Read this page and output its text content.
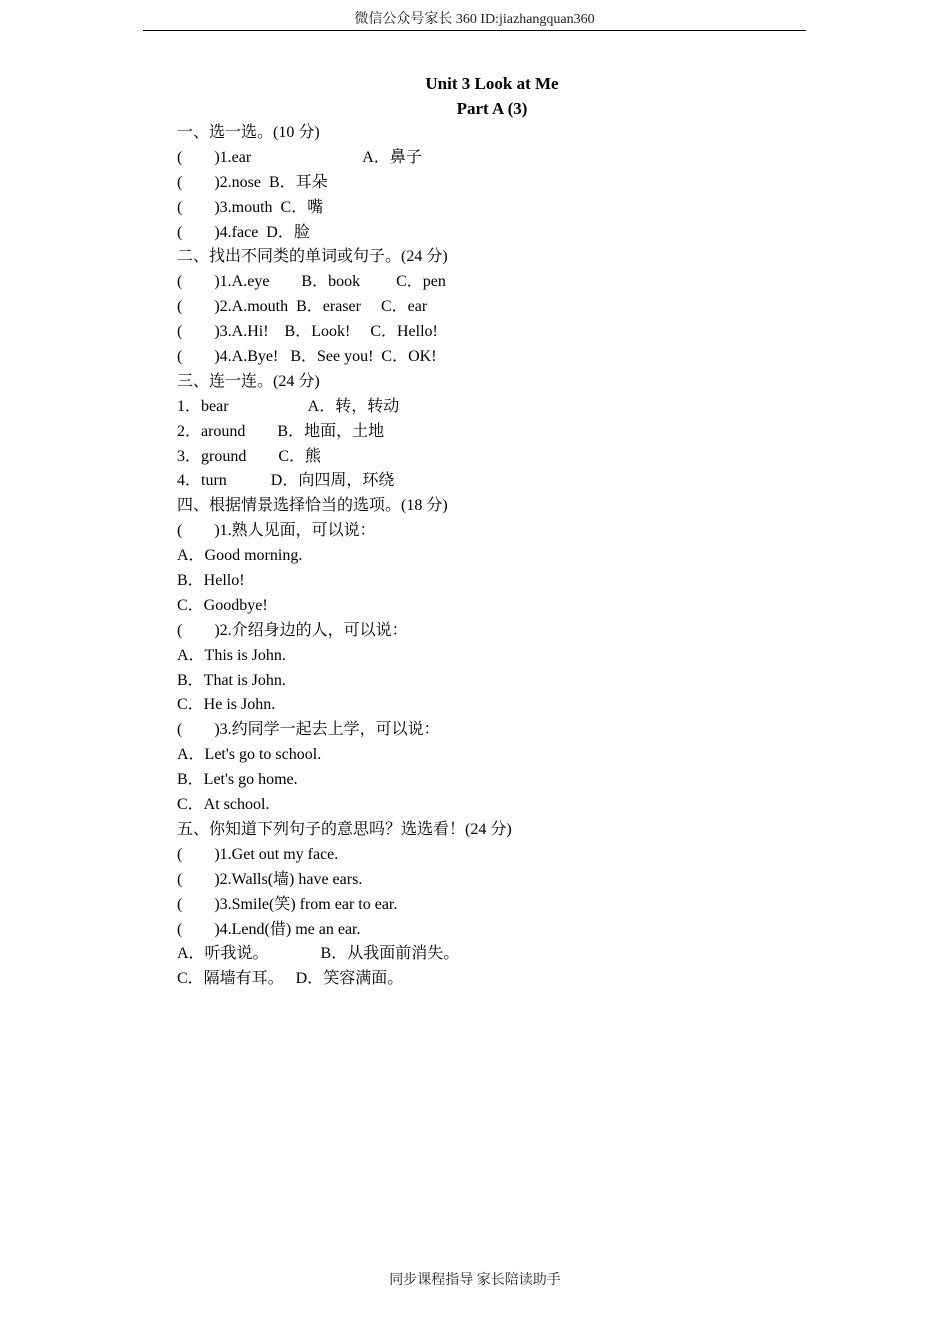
微信公众号家长 360 ID:jiazhangquan360
Unit 3 Look at Me
Part A (3)
一、选一选。(10 分)
(        )1.ear                            A．鼻子
(        )2.nose  B．耳朵
(        )3.mouth  C．嘴
(        )4.face  D．脸
二、找出不同类的单词或句子。(24 分)
(        )1.A.eye        B．book         C．pen
(        )2.A.mouth  B．eraser     C．ear
(        )3.A.Hi!    B．Look!     C．Hello!
(        )4.A.Bye!   B．See you!  C．OK!
三、连一连。(24 分)
1．bear                    A．转，转动
2．around        B．地面，土地
3．ground        C．熊
4．turn           D．向四周，环绕
四、根据情景选择恰当的选项。(18 分)
(        )1.熟人见面，可以说：
A．Good morning.
B．Hello!
C．Goodbye!
(        )2.介绍身边的人，可以说：
A．This is John.
B．That is John.
C．He is John.
(        )3.约同学一起去上学，可以说：
A．Let's go to school.
B．Let's go home.
C．At school.
五、你知道下列句子的意思吗？选选看！(24 分)
(        )1.Get out my face.
(        )2.Walls(墙) have ears.
(        )3.Smile(笑) from ear to ear.
(        )4.Lend(借) me an ear.
A．听我说。             B．从我面前消失。
C．隔墙有耳。   D．笑容满面。
同步课程指导 家长陪读助手
